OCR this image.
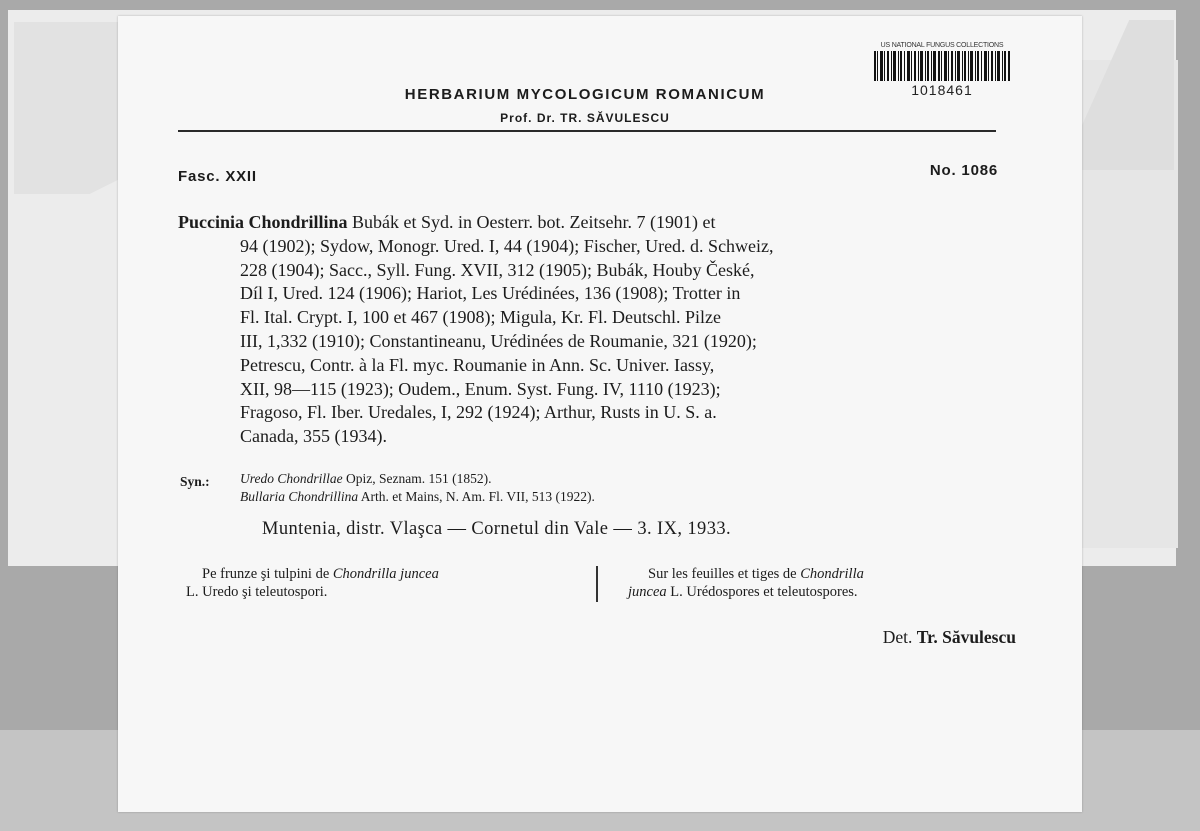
US NATIONAL FUNGUS COLLECTIONS
1018461
HERBARIUM MYCOLOGICUM ROMANICUM
Prof. Dr. TR. SĂVULESCU
Fasc. XXII	No. 1086
Puccinia Chondrillina Bubák et Syd. in Oesterr. bot. Zeitsehr. 7 (1901) et
94 (1902); Sydow, Monogr. Ured. I, 44 (1904); Fischer, Ured. d. Schweiz,
228 (1904); Sacc., Syll. Fung. XVII, 312 (1905); Bubák, Houby České,
Díl I, Ured. 124 (1906); Hariot, Les Urédinées, 136 (1908); Trotter in
Fl. Ital. Crypt. I, 100 et 467 (1908); Migula, Kr. Fl. Deutschl. Pilze
III, 1,332 (1910); Constantineanu, Urédinées de Roumanie, 321 (1920);
Petrescu, Contr. à la Fl. myc. Roumanie in Ann. Sc. Univer. Iassy,
XII, 98—115 (1923); Oudem., Enum. Syst. Fung. IV, 1110 (1923);
Fragoso, Fl. Iber. Uredales, I, 292 (1924); Arthur, Rusts in U. S. a.
Canada, 355 (1934).
Syn.: Uredo Chondrillae Opiz, Seznam. 151 (1852).
Bullaria Chondrillina Arth. et Mains, N. Am. Fl. VII, 513 (1922).
Muntenia, distr. Vlaşca — Cornetul din Vale — 3. IX, 1933.
Pe frunze şi tulpini de Chondrilla juncea
L. Uredo şi teleutospori.
Sur les feuilles et tiges de Chondrilla
juncea L. Urédospores et teleutospores.
Det. Tr. Săvulescu
